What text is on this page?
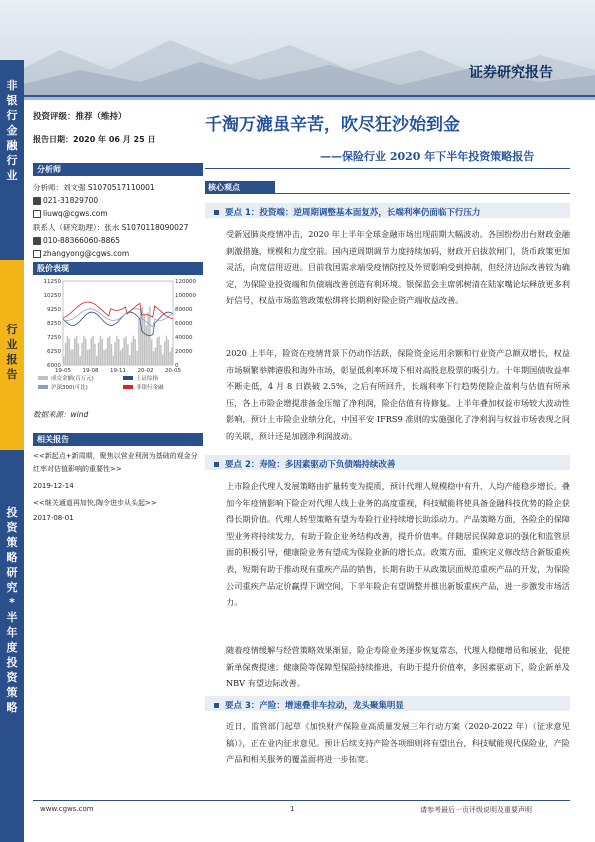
证券研究报告
非
银
行
金
融
行
业
行
业
报
告
投
资
策
略
研
究
*
半
年
度
投
资
策
略
投资评级：推荐（维持）
报告日期：2020 年 06 月 25 日
分析师
分析师：刘文强 S1070517110001
021-31829700
liuwq@cgws.com
联系人（研究助理）：张水 S1070118090027
010-88366060-8865
zhangyong@cgws.com
股价表现
11250
10250
9250
8250
7250
6250
6000
120000
100000
80000
60000
40000
20000
0
19-05 19-08 19-11 20-02 20-05
成交金额(百万元)	上证综指
沪深300(可比)	非银行金融
数据来源：wind
相关报告
<<新起点+新周期，聚焦以营业利润为基础的观金分红率对估值影响的重要性>>
2019-12-14
<<继关通道再加快,陶令进步从头起>>
2017-08-01
千淘万漉虽辛苦，吹尽狂沙始到金
——保险行业 2020 年下半年投资策略报告
核心观点
要点 1：投资端：逆周期调整基本面复苏，长端利率仍面临下行压力
受新冠肺炎疫情冲击，2020 年上半年全球金融市场出现前期大幅波动。各国纷纷出台财政金融刺激措施，规模和力度空前。国内逆周期调节力度持续加码，财政开启拔款闸门，货币政策更加灵活，向宽信用迈进。目前我国需求端受疫情防控及外贸影响受到抑制，但经济边际改善较为确定，为保险业投资端和负债端改善创造有利环境。银保监会主席郭树清在陆家嘴论坛释放更多利好信号，权益市场监管政策松绑将长期利好险企资产端收益改善。
2020 上半年，险资在疫情背景下仍动作活跃，保险资金运用余额和行业资产总额双增长，权益市场频繁举牌港股和海外市场，彰显低利率环境下相对高股息股票的吸引力。十年期国债收益率不断走低，4 月 8 日跌破 2.5%，之后有所回升，长端利率下行趋势使险企盈利与估值有所承压，各上市险企增提准备金压缩了净利润，险企估值有待修复。上半年叠加权益市场较大波动性影响，预计上市险企业绩分化，中国平安 IFRS9 准则的实施强化了净利润与权益市场表现之间的关联，预计还是加剧净利润波动。
要点 2：寿险：多因素驱动下负债端持续改善
上市险企代理人发展策略由扩量转变为提质，预计代理人规模稳中有升、人均产能稳步增长。叠加今年疫情影响下险企对代理人线上业务的高度重视，科技赋能将使具备金融科技优势的险企获得长期价值。代理人转型策略有望为寿险行业持续增长助添动力。产品策略方面，各险企的保障型业务将持续发力，有助于险企业务结构改善，提升价值率。伴随居民保障意识的强化和监管层面的积极引导，健康险业务有望成为保险业新的增长点。政策方面，重疾定义修改结合新版重疾表，短期有助于推动现有重疾产品的销售，长期有助于从政策层面规范重疾产品的开发，为保险公司重疾产品定价赢得下调空间，下半年险企有望调整并推出新版重疾产品，进一步激发市场活力。
随着疫情缓解与经营策略效果渐显，险企寿险业务逐步恢复常态，代理人稳健增员和展业，促使新单保费提速；健康险等保障型保险持续推进，有助于提升价值率，多因素驱动下，险企新单及 NBV 有望边际改善。
要点 3：产险：增速叠非车拉动，龙头聚集明显
近日，监管部门起草《加快财产保险业高质量发展三年行动方案（2020-2022 年）（征求意见稿）》，正在业内征求意见。预计后续支持产险各项细则将有望出台，科技赋能现代保险业，产险产品和相关服务的覆盖面将进一步拓宽。
www.cgws.com	1	请参考最后一页评级说明及重要声明
